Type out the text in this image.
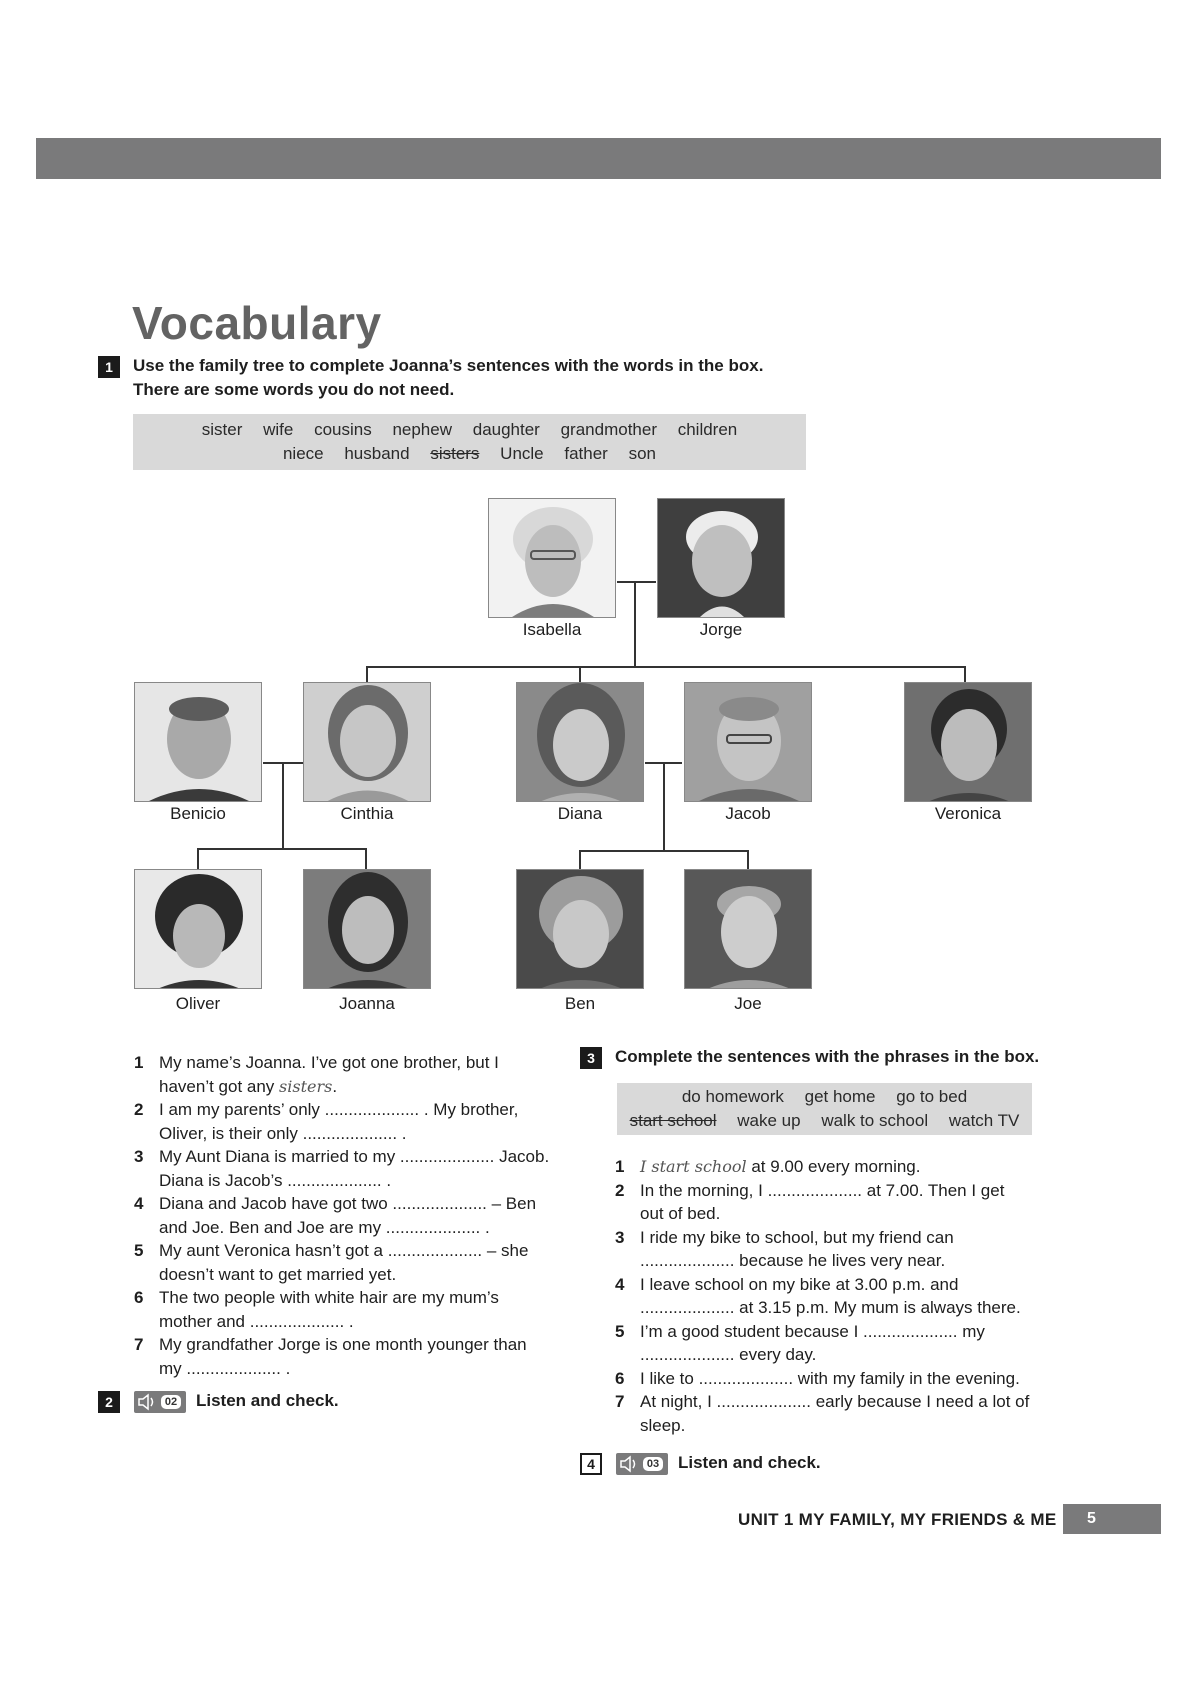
Vocabulary
1	Use the family tree to complete Joanna’s sentences with the words in the box.
There are some words you do not need.
sister wife cousins nephew daughter grandmother children
niece husband sisters Uncle father son
Isabella	Jorge
Benicio	Cinthia	Diana	Jacob	Veronica
Oliver	Joanna	Ben	Joe
1 My name’s Joanna. I’ve got one brother, but I
haven’t got any sisters.
2 I am my parents’ only .................... . My brother,
Oliver, is their only .................... .
3 My Aunt Diana is married to my .................... Jacob.
Diana is Jacob’s .................... .
4 Diana and Jacob have got two .................... – Ben
and Joe. Ben and Joe are my .................... .
5 My aunt Veronica hasn’t got a .................... – she
doesn’t want to get married yet.
6 The two people with white hair are my mum’s
mother and .................... .
7 My grandfather Jorge is one month younger than
my .................... .
2	02 Listen and check.
3	Complete the sentences with the phrases in the box.
do homework get home go to bed
start school wake up walk to school watch TV
1 I start school at 9.00 every morning.
2 In the morning, I .................... at 7.00. Then I get
out of bed.
3 I ride my bike to school, but my friend can
.................... because he lives very near.
4 I leave school on my bike at 3.00 p.m. and
.................... at 3.15 p.m. My mum is always there.
5 I’m a good student because I .................... my
.................... every day.
6 I like to .................... with my family in the evening.
7 At night, I .................... early because I need a lot of
sleep.
4	03 Listen and check.
UNIT 1 MY FAMILY, MY FRIENDS & ME 5
